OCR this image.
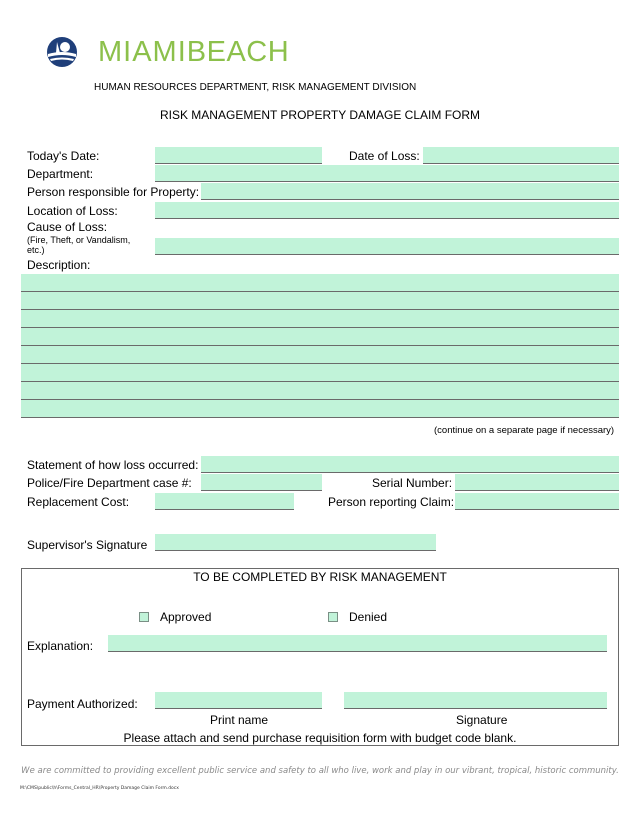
MIAMIBEACH
HUMAN RESOURCES DEPARTMENT, RISK MANAGEMENT DIVISION
RISK MANAGEMENT PROPERTY DAMAGE CLAIM FORM
Today's Date:	Date of Loss:
Department:
Person responsible for Property:
Location of Loss:
Cause of Loss:
(Fire, Theft, or Vandalism,
etc.)
Description:
(continue on a separate page if necessary)
Statement of how loss occurred:
Police/Fire Department case #:	Serial Number:
Replacement Cost:	Person reporting Claim:
Supervisor's Signature
TO BE COMPLETED BY RISK MANAGEMENT
Approved	Denied
Explanation:
Payment Authorized:
Print name	Signature
Please attach and send purchase requisition form with budget code blank.
We are committed to providing excellent public service and safety to all who live, work and play in our vibrant, tropical, historic community.
M:\CMS\public\h\Forms_Central_HR\Property Damage Claim Form.docx
